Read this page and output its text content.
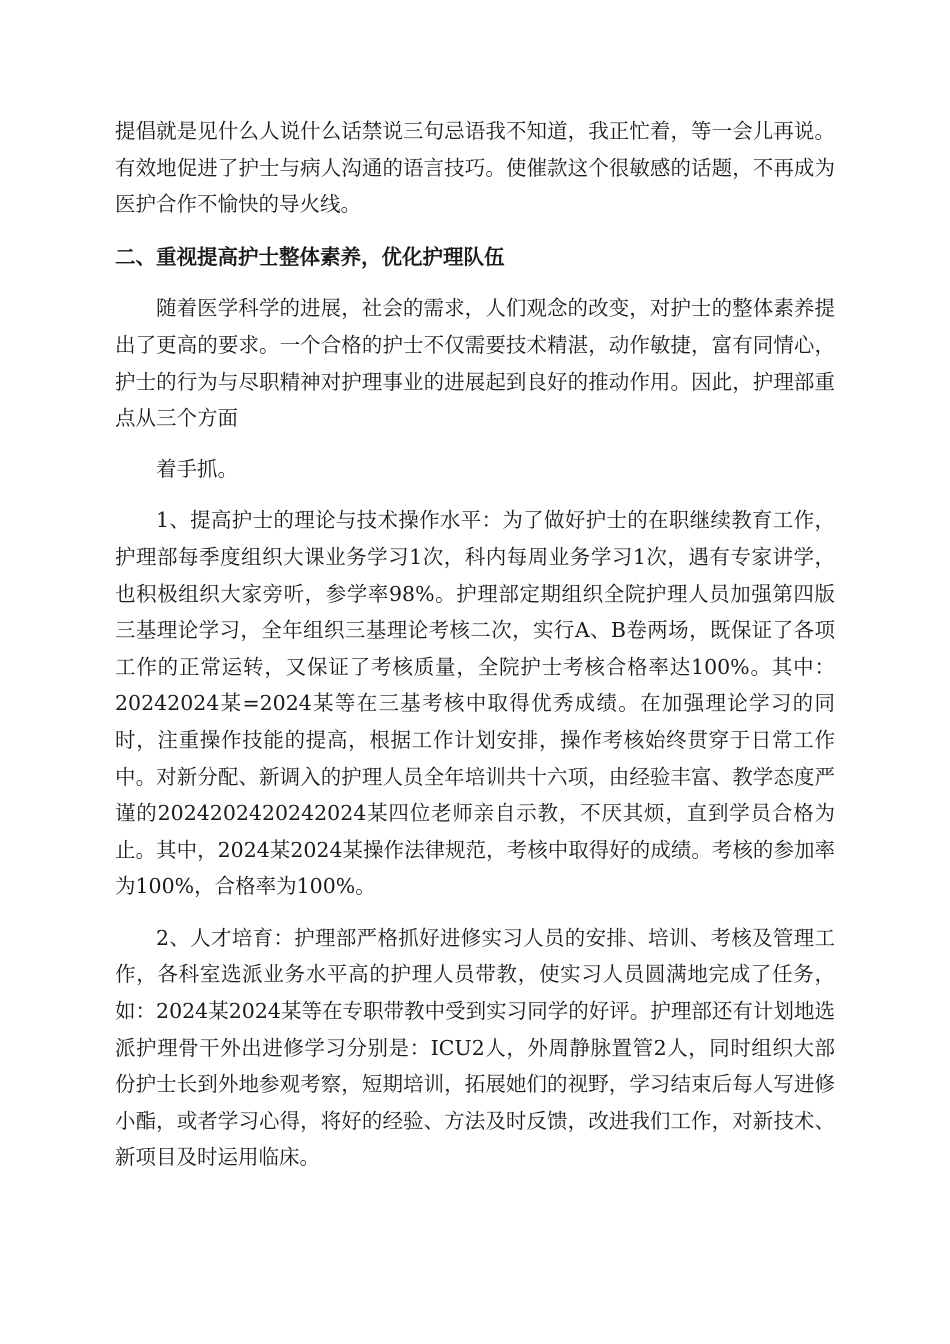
提倡就是见什么人说什么话禁说三句忌语我不知道，我正忙着，等一会儿再说。有效地促进了护士与病人沟通的语言技巧。使催款这个很敏感的话题，不再成为医护合作不愉快的导火线。

二、重视提高护士整体素养，优化护理队伍

随着医学科学的进展，社会的需求，人们观念的改变，对护士的整体素养提出了更高的要求。一个合格的护士不仅需要技术精湛，动作敏捷，富有同情心，护士的行为与尽职精神对护理事业的进展起到良好的推动作用。因此，护理部重点从三个方面

着手抓。

1、提高护士的理论与技术操作水平：为了做好护士的在职继续教育工作，护理部每季度组织大课业务学习1次，科内每周业务学习1次，遇有专家讲学，也积极组织大家旁听，参学率98%。护理部定期组织全院护理人员加强第四版三基理论学习，全年组织三基理论考核二次，实行A、B卷两场，既保证了各项工作的正常运转，又保证了考核质量，全院护士考核合格率达100%。其中：20242024某=2024某等在三基考核中取得优秀成绩。在加强理论学习的同时，注重操作技能的提高，根据工作计划安排，操作考核始终贯穿于日常工作中。对新分配、新调入的护理人员全年培训共十六项，由经验丰富、教学态度严谨的2024202420242024某四位老师亲自示教，不厌其烦，直到学员合格为止。其中，2024某2024某操作法律规范，考核中取得好的成绩。考核的参加率为100%，合格率为100%。

2、人才培育：护理部严格抓好进修实习人员的安排、培训、考核及管理工作，各科室选派业务水平高的护理人员带教，使实习人员圆满地完成了任务，如：2024某2024某等在专职带教中受到实习同学的好评。护理部还有计划地选派护理骨干外出进修学习分别是：ICU2人，外周静脉置管2人，同时组织大部份护士长到外地参观考察，短期培训，拓展她们的视野，学习结束后每人写进修小酯，或者学习心得，将好的经验、方法及时反馈，改进我们工作，对新技术、新项目及时运用临床。
